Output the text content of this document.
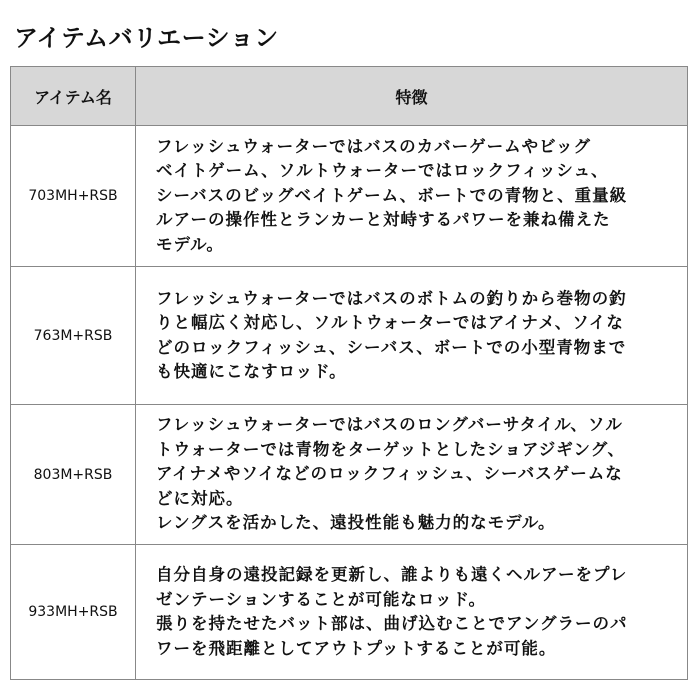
アイテムバリエーション
アイテム名	特徴
703MH+RSB	フレッシュウォーターではバスのカバーゲームやビッグ
ベイトゲーム、ソルトウォーターではロックフィッシュ、
シーバスのビッグベイトゲーム、ボートでの青物と、重量級
ルアーの操作性とランカーと対峙するパワーを兼ね備えた
モデル。

763M+RSB	フレッシュウォーターではバスのボトムの釣りから巻物の釣
りと幅広く対応し、ソルトウォーターではアイナメ、ソイな
どのロックフィッシュ、シーバス、ボートでの小型青物まで
も快適にこなすロッド。

803M+RSB	フレッシュウォーターではバスのロングバーサタイル、ソル
トウォーターでは青物をターゲットとしたショアジギング、
アイナメやソイなどのロックフィッシュ、シーバスゲームな
どに対応。
レングスを活かした、遠投性能も魅力的なモデル。

933MH+RSB	自分自身の遠投記録を更新し、誰よりも遠くヘルアーをプレ
ゼンテーションすることが可能なロッド。
張りを持たせたバット部は、曲げ込むことでアングラーのパ
ワーを飛距離としてアウトプットすることが可能。
